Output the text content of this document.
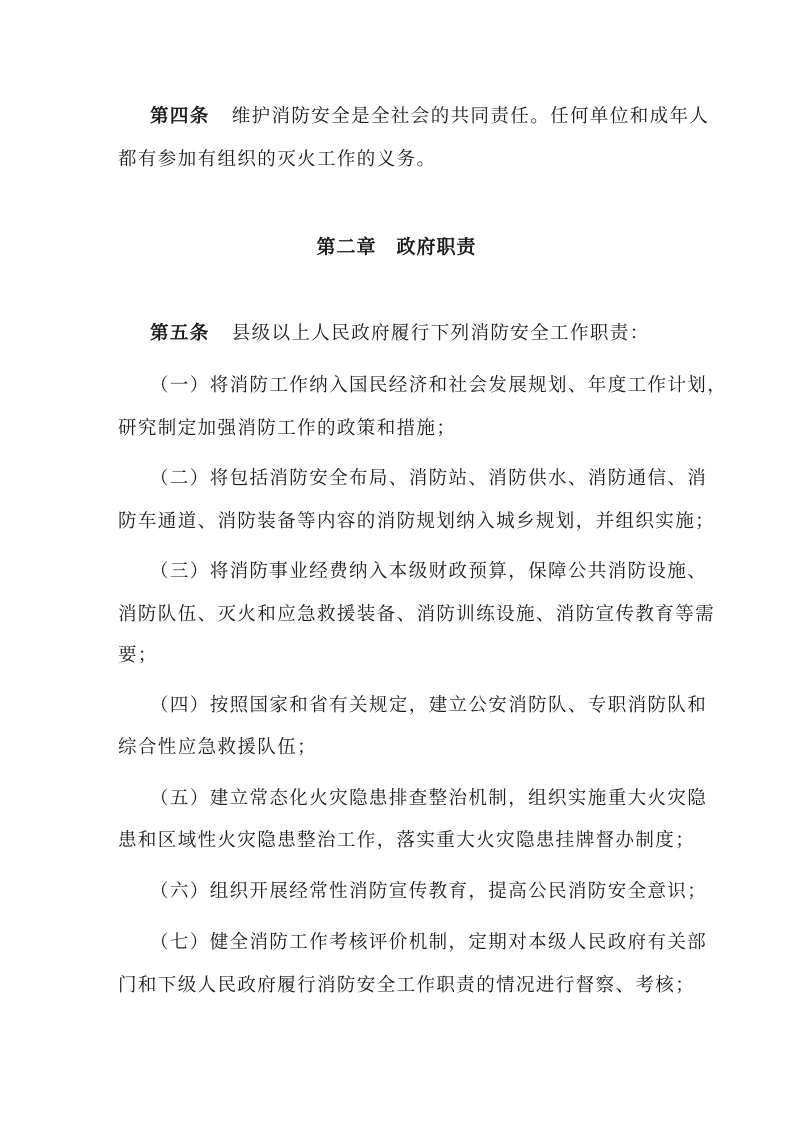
第四条 维护消防安全是全社会的共同责任。任何单位和成年人
都有参加有组织的灭火工作的义务。
第二章 政府职责
第五条 县级以上人民政府履行下列消防安全工作职责：
（一）将消防工作纳入国民经济和社会发展规划、年度工作计划，
研究制定加强消防工作的政策和措施；
（二）将包括消防安全布局、消防站、消防供水、消防通信、消
防车通道、消防装备等内容的消防规划纳入城乡规划，并组织实施；
（三）将消防事业经费纳入本级财政预算，保障公共消防设施、
消防队伍、灭火和应急救援装备、消防训练设施、消防宣传教育等需
要；
（四）按照国家和省有关规定，建立公安消防队、专职消防队和
综合性应急救援队伍；
（五）建立常态化火灾隐患排查整治机制，组织实施重大火灾隐
患和区域性火灾隐患整治工作，落实重大火灾隐患挂牌督办制度；
（六）组织开展经常性消防宣传教育，提高公民消防安全意识；
（七）健全消防工作考核评价机制，定期对本级人民政府有关部
门和下级人民政府履行消防安全工作职责的情况进行督察、考核；
